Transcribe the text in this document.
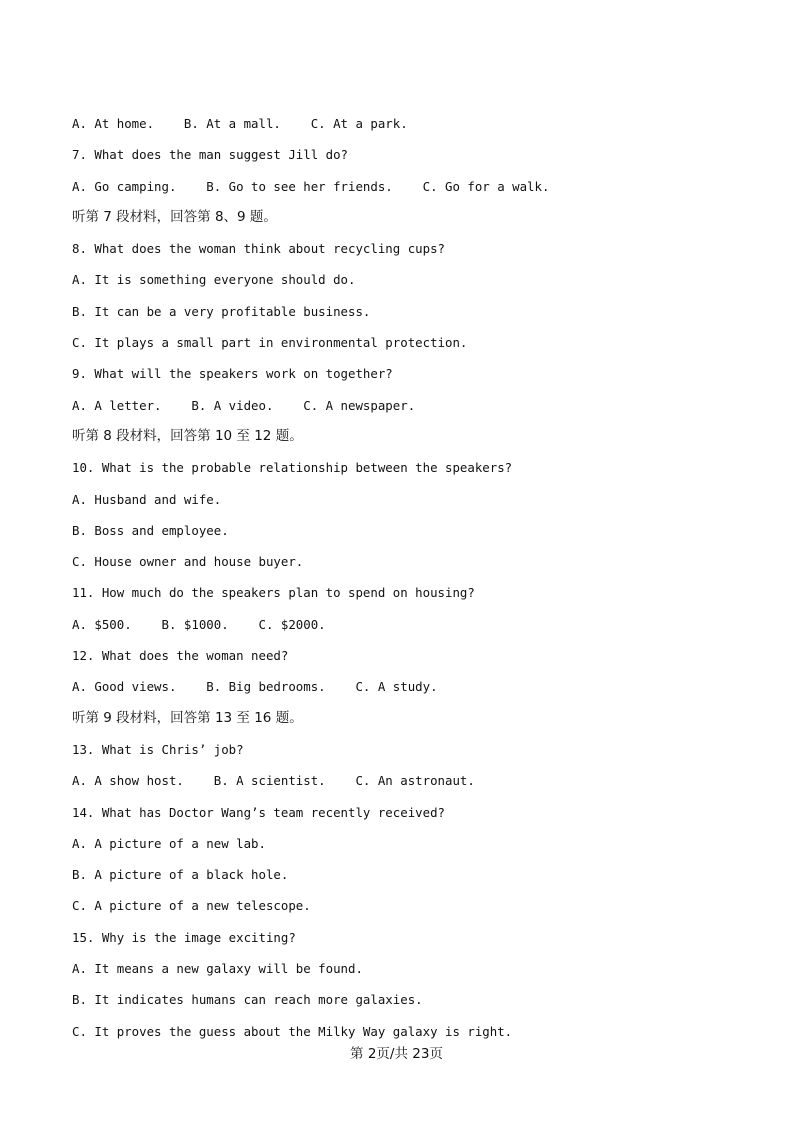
A. At home.    B. At a mall.    C. At a park.
7. What does the man suggest Jill do?
A. Go camping.    B. Go to see her friends.    C. Go for a walk.
听第 7 段材料，回答第 8、9 题。
8. What does the woman think about recycling cups?
A. It is something everyone should do.
B. It can be a very profitable business.
C. It plays a small part in environmental protection.
9. What will the speakers work on together?
A. A letter.    B. A video.    C. A newspaper.
听第 8 段材料，回答第 10 至 12 题。
10. What is the probable relationship between the speakers?
A. Husband and wife.
B. Boss and employee.
C. House owner and house buyer.
11. How much do the speakers plan to spend on housing?
A. $500.    B. $1000.    C. $2000.
12. What does the woman need?
A. Good views.    B. Big bedrooms.    C. A study.
听第 9 段材料，回答第 13 至 16 题。
13. What is Chris’ job?
A. A show host.    B. A scientist.    C. An astronaut.
14. What has Doctor Wang’s team recently received?
A. A picture of a new lab.
B. A picture of a black hole.
C. A picture of a new telescope.
15. Why is the image exciting?
A. It means a new galaxy will be found.
B. It indicates humans can reach more galaxies.
C. It proves the guess about the Milky Way galaxy is right.
第 2页/共 23页
